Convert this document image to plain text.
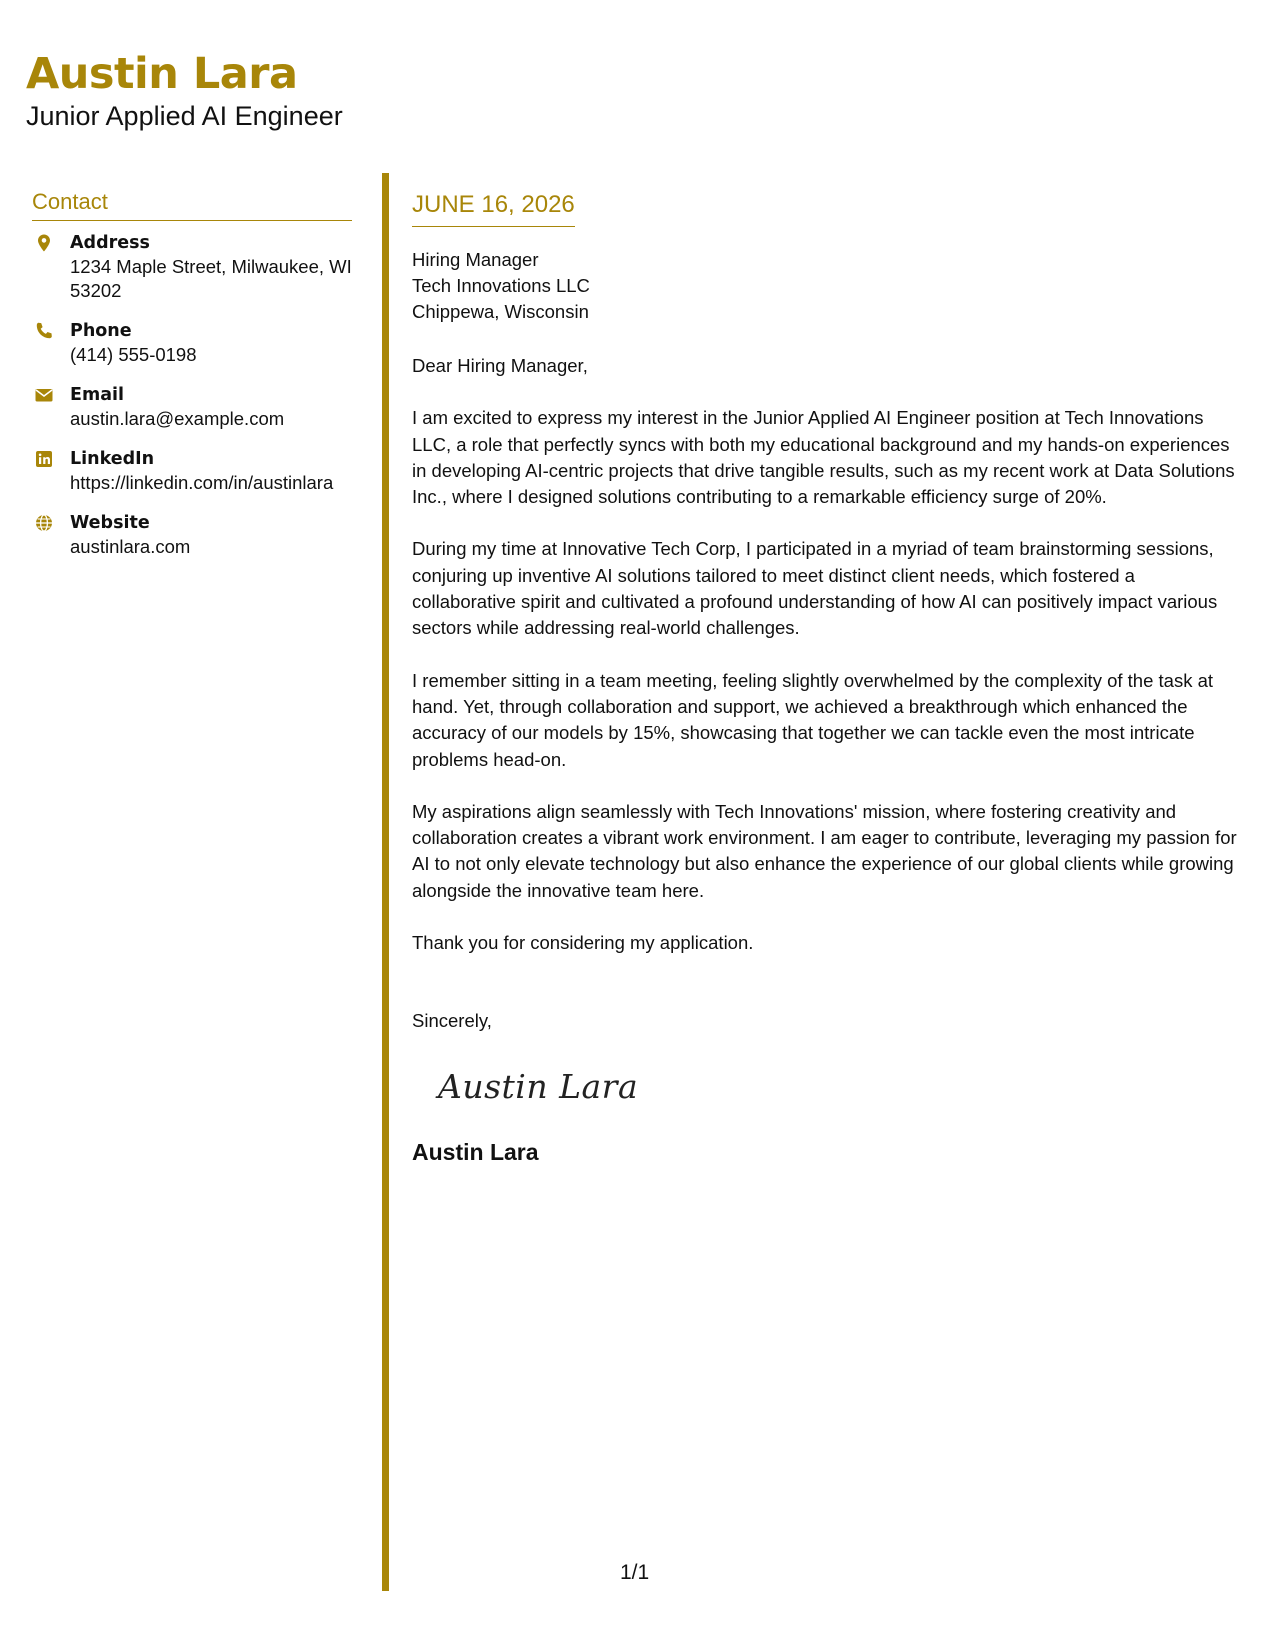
Austin Lara
Junior Applied AI Engineer
Contact
Address
1234 Maple Street, Milwaukee, WI 53202
Phone
(414) 555-0198
Email
austin.lara@example.com
LinkedIn
https://linkedin.com/in/austinlara
Website
austinlara.com
JUNE 16, 2026
Hiring Manager
Tech Innovations LLC
Chippewa, Wisconsin

Dear Hiring Manager,

I am excited to express my interest in the Junior Applied AI Engineer position at Tech Innovations LLC, a role that perfectly syncs with both my educational background and my hands-on experiences in developing AI-centric projects that drive tangible results, such as my recent work at Data Solutions Inc., where I designed solutions contributing to a remarkable efficiency surge of 20%.

During my time at Innovative Tech Corp, I participated in a myriad of team brainstorming sessions, conjuring up inventive AI solutions tailored to meet distinct client needs, which fostered a collaborative spirit and cultivated a profound understanding of how AI can positively impact various sectors while addressing real-world challenges.

I remember sitting in a team meeting, feeling slightly overwhelmed by the complexity of the task at hand. Yet, through collaboration and support, we achieved a breakthrough which enhanced the accuracy of our models by 15%, showcasing that together we can tackle even the most intricate problems head-on.

My aspirations align seamlessly with Tech Innovations' mission, where fostering creativity and collaboration creates a vibrant work environment. I am eager to contribute, leveraging my passion for AI to not only elevate technology but also enhance the experience of our global clients while growing alongside the innovative team here.

Thank you for considering my application.

Sincerely,

Austin Lara
Austin Lara
1/1
